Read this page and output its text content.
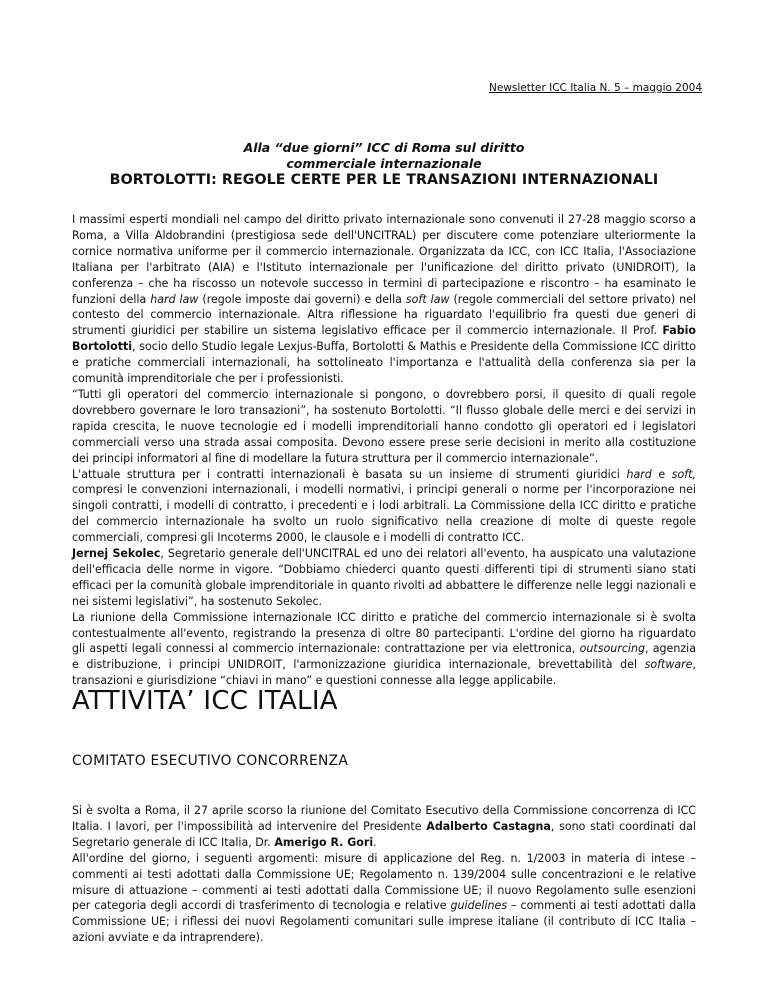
Newsletter ICC Italia N. 5 – maggio 2004

Alla “due giorni” ICC di Roma sul diritto

commerciale internazionale

BORTOLOTTI: REGOLE CERTE PER LE TRANSAZIONI INTERNAZIONALI

I massimi esperti mondiali nel campo del diritto privato internazionale sono convenuti il 27-28 maggio scorso a Roma, a Villa Aldobrandini (prestigiosa sede dell'UNCITRAL) per discutere come potenziare ulteriormente la cornice normativa uniforme per il commercio internazionale. Organizzata da ICC, con ICC Italia, l'Associazione Italiana per l'arbitrato (AIA) e l'Istituto internazionale per l'unificazione del diritto privato (UNIDROIT), la conferenza – che ha riscosso un notevole successo in termini di partecipazione e riscontro – ha esaminato le funzioni della hard law (regole imposte dai governi) e della soft law (regole commerciali del settore privato) nel contesto del commercio internazionale. Altra riflessione ha riguardato l'equilibrio fra questi due generi di strumenti giuridici per stabilire un sistema legislativo efficace per il commercio internazionale. Il Prof. Fabio Bortolotti, socio dello Studio legale Lexjus-Buffa, Bortolotti & Mathis e Presidente della Commissione ICC diritto e pratiche commerciali internazionali, ha sottolineato l'importanza e l'attualità della conferenza sia per la comunità imprenditoriale che per i professionisti.

“Tutti gli operatori del commercio internazionale si pongono, o dovrebbero porsi, il quesito di quali regole dovrebbero governare le loro transazioni”, ha sostenuto Bortolotti. “Il flusso globale delle merci e dei servizi in rapida crescita, le nuove tecnologie ed i modelli imprenditoriali hanno condotto gli operatori ed i legislatori commerciali verso una strada assai composita. Devono essere prese serie decisioni in merito alla costituzione dei principi informatori al fine di modellare la futura struttura per il commercio internazionale”.

L'attuale struttura per i contratti internazionali è basata su un insieme di strumenti giuridici hard e soft, compresi le convenzioni internazionali, i modelli normativi, i principi generali o norme per l'incorporazione nei singoli contratti, i modelli di contratto, i precedenti e i lodi arbitrali. La Commissione della ICC diritto e pratiche del commercio internazionale ha svolto un ruolo significativo nella creazione di molte di queste regole commerciali, compresi gli Incoterms 2000, le clausole e i modelli di contratto ICC.

Jernej Sekolec, Segretario generale dell'UNCITRAL ed uno dei relatori all'evento, ha auspicato una valutazione dell'efficacia delle norme in vigore. “Dobbiamo chiederci quanto questi differenti tipi di strumenti siano stati efficaci per la comunità globale imprenditoriale in quanto rivolti ad abbattere le differenze nelle leggi nazionali e nei sistemi legislativi”, ha sostenuto Sekolec.

La riunione della Commissione internazionale ICC diritto e pratiche del commercio internazionale si è svolta contestualmente all'evento, registrando la presenza di oltre 80 partecipanti. L'ordine del giorno ha riguardato gli aspetti legali connessi al commercio internazionale: contrattazione per via elettronica, outsourcing, agenzia e distribuzione, i principi UNIDROIT, l'armonizzazione giuridica internazionale, brevettabilità del software, transazioni e giurisdizione “chiavi in mano” e questioni connesse alla legge applicabile.

ATTIVITA’ ICC ITALIA
COMITATO ESECUTIVO CONCORRENZA

Si è svolta a Roma, il 27 aprile scorso la riunione del Comitato Esecutivo della Commissione concorrenza di ICC Italia. I lavori, per l'impossibilità ad intervenire del Presidente Adalberto Castagna, sono stati coordinati dal Segretario generale di ICC Italia, Dr. Amerigo R. Gori.

All'ordine del giorno, i seguenti argomenti: misure di applicazione del Reg. n. 1/2003 in materia di intese – commenti ai testi adottati dalla Commissione UE; Regolamento n. 139/2004 sulle concentrazioni e le relative misure di attuazione – commenti ai testi adottati dalla Commissione UE; il nuovo Regolamento sulle esenzioni per categoria degli accordi di trasferimento di tecnologia e relative guidelines – commenti ai testi adottati dalla Commissione UE; i riflessi dei nuovi Regolamenti comunitari sulle imprese italiane (il contributo di ICC Italia – azioni avviate e da intraprendere).
